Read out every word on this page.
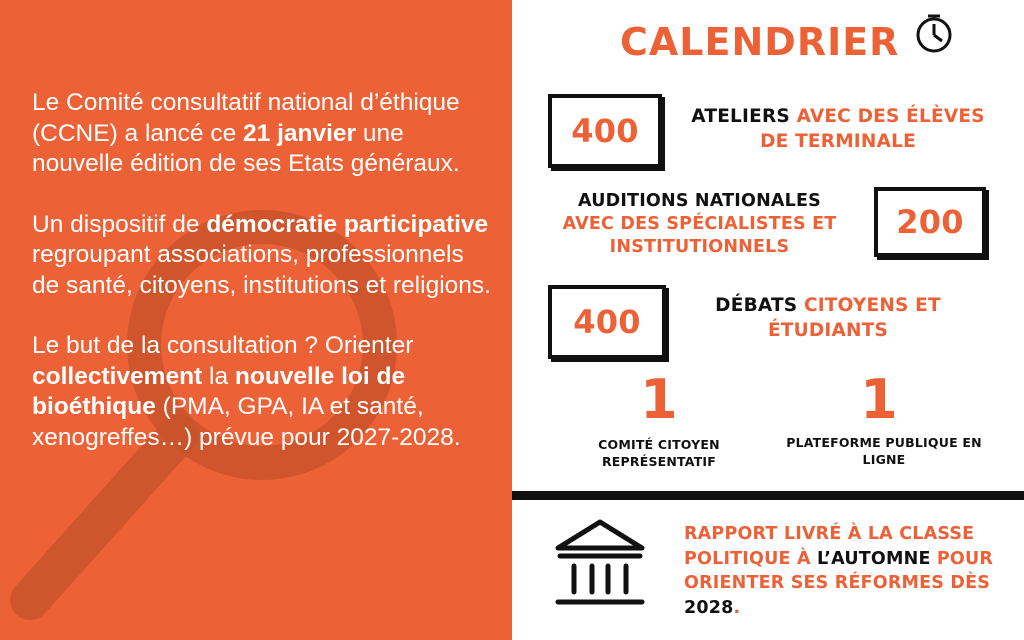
Le Comité consultatif national d’éthique (CCNE) a lancé ce 21 janvier une nouvelle édition de ses Etats généraux.

Un dispositif de démocratie participative regroupant associations, professionnels de santé, citoyens, institutions et religions.

Le but de la consultation ? Orienter collectivement la nouvelle loi de bioéthique (PMA, GPA, IA et santé, xenogreffes…) prévue pour 2027-2028.

CALENDRIER
400	ATELIERS AVEC DES ÉLÈVES DE TERMINALE
AUDITIONS NATIONALES
AVEC DES SPÉCIALISTES ET INSTITUTIONNELS
200
400	DÉBATS CITOYENS ET ÉTUDIANTS
1
COMITÉ CITOYEN REPRÉSENTATIF
1
PLATEFORME PUBLIQUE EN LIGNE
RAPPORT LIVRÉ À LA CLASSE POLITIQUE À L’AUTOMNE POUR ORIENTER SES RÉFORMES DÈS 2028.
